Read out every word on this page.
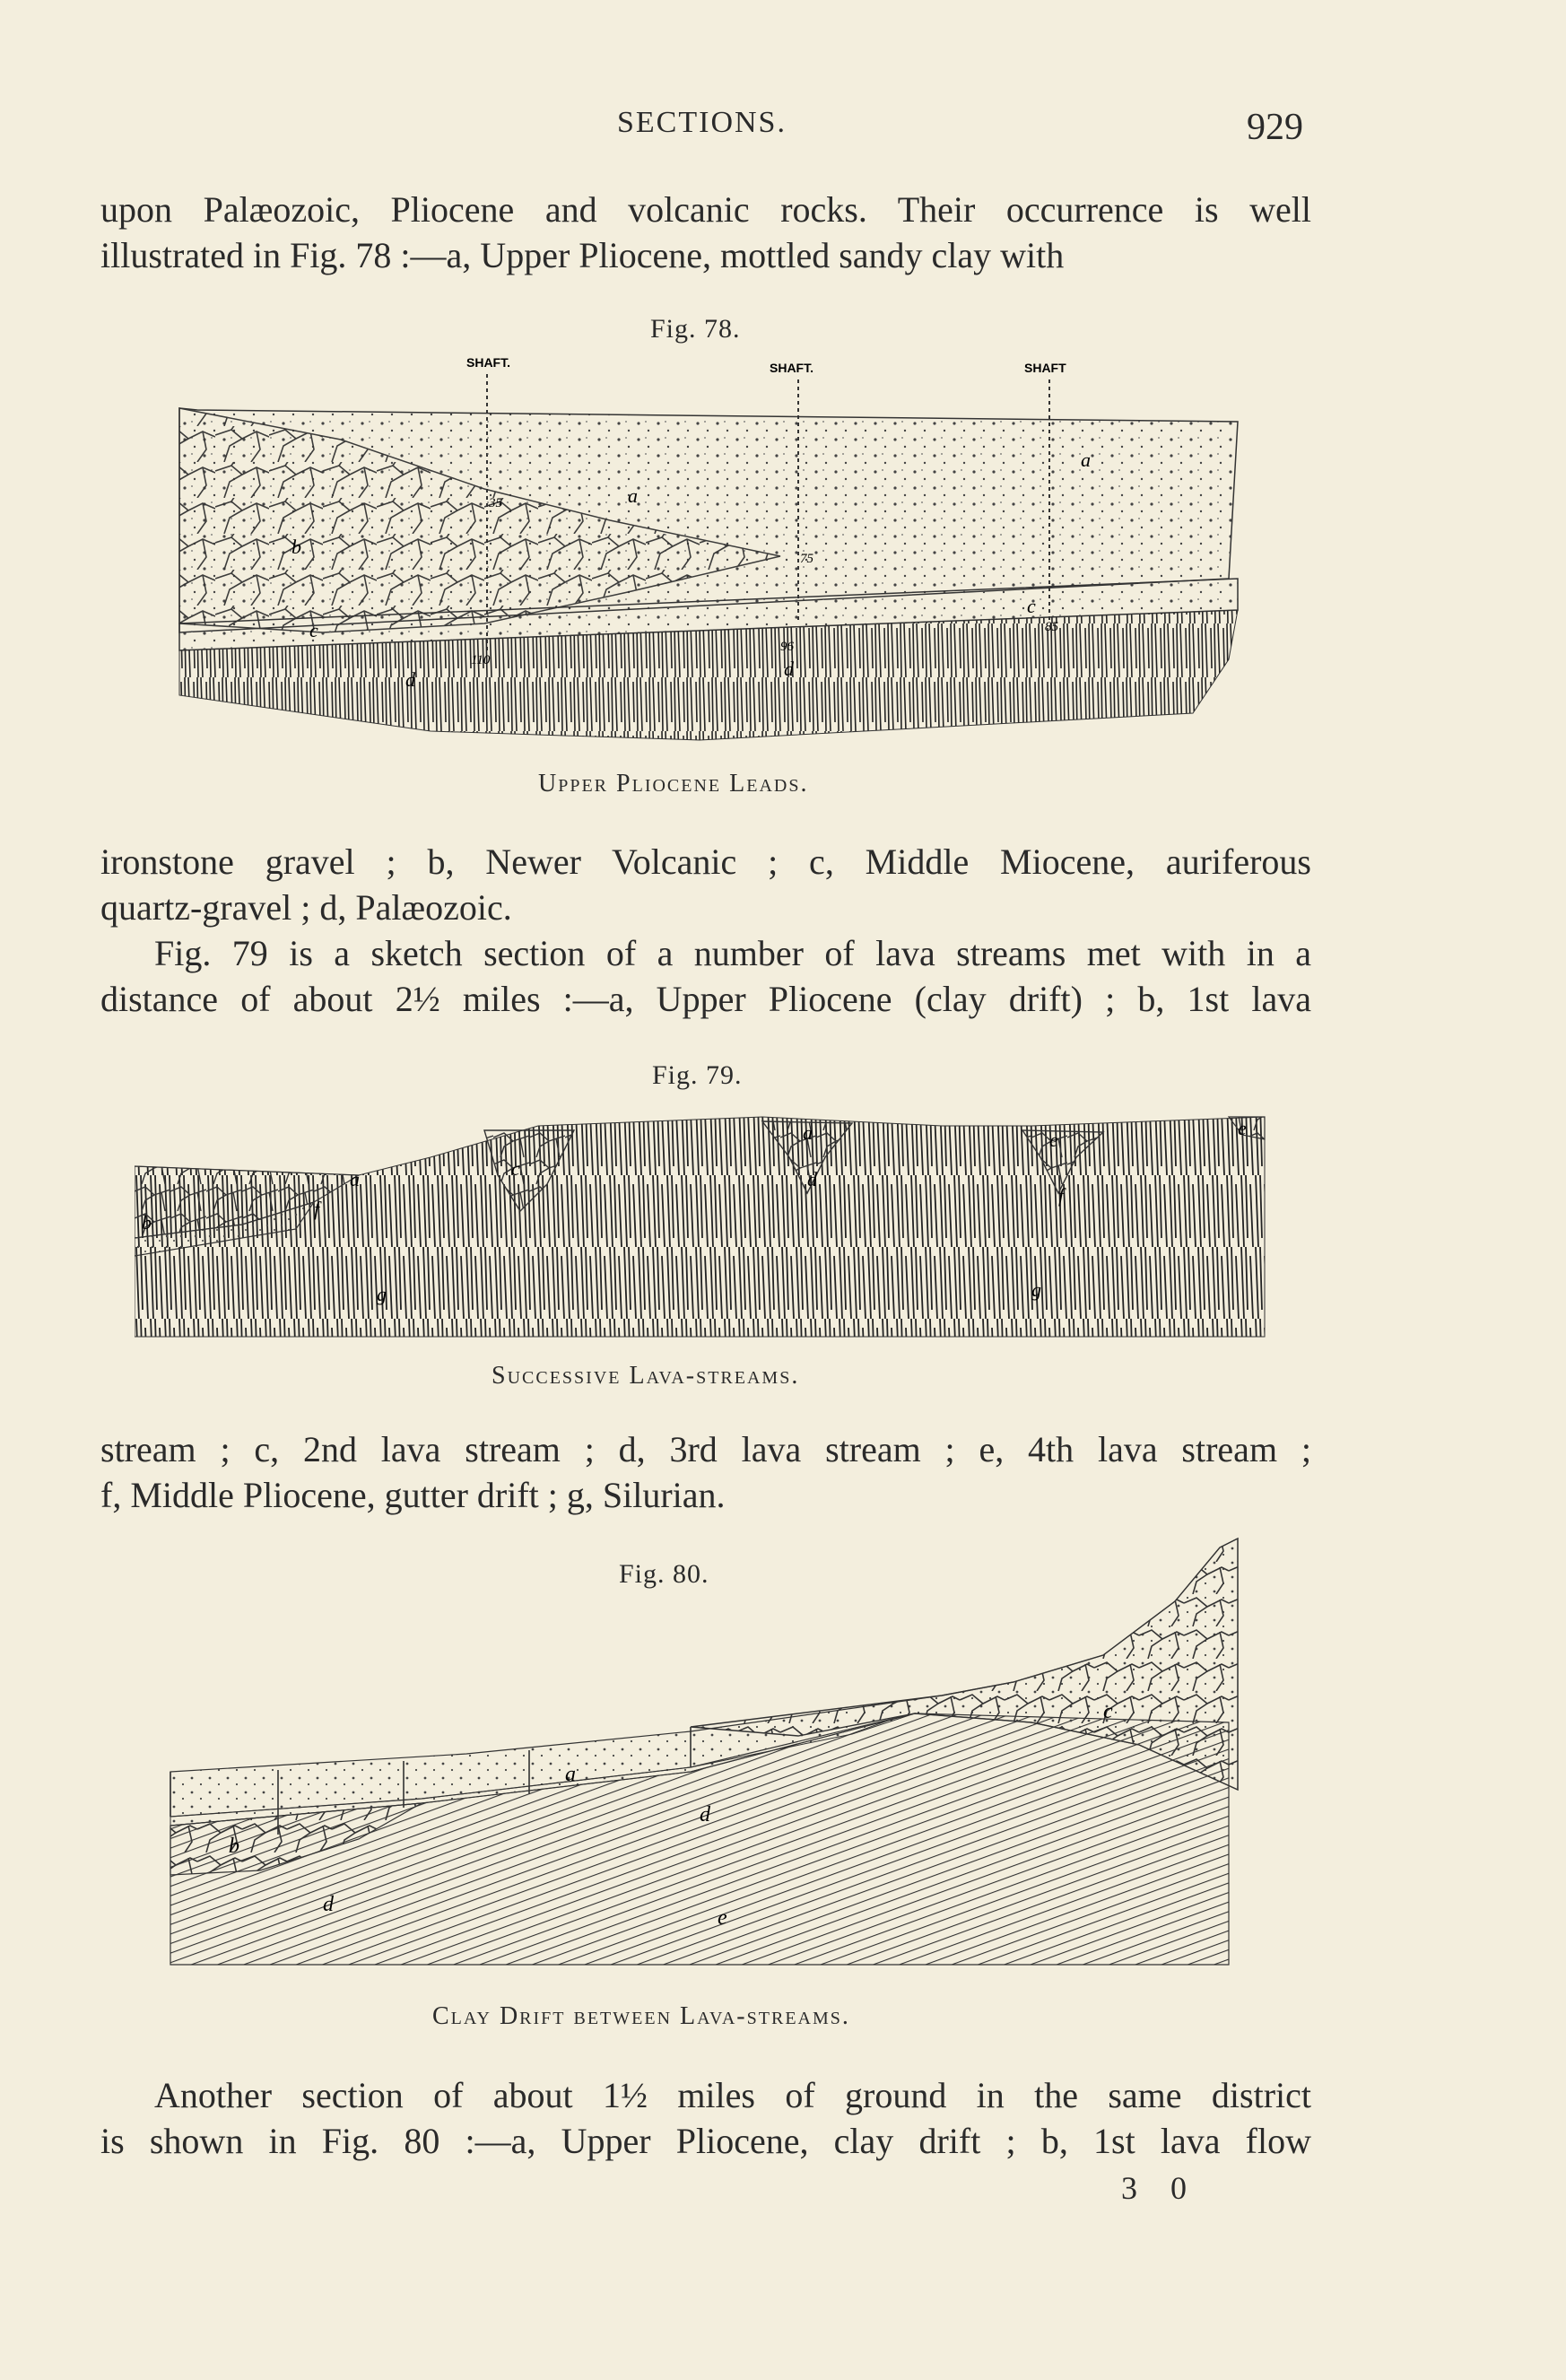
SECTIONS.	929

upon Palæozoic, Pliocene and volcanic rocks. Their occurrence is well

illustrated in Fig. 78 :—a, Upper Pliocene, mottled sandy clay with

Fig. 78.
SHAFT.	SHAFT.	SHAFT
a
a
b
c
c
d	d
35
75
110
96
85
Upper Pliocene Leads.

ironstone gravel ; b, Newer Volcanic ; c, Middle Miocene, auriferous

quartz-gravel ; d, Palæozoic.

Fig. 79 is a sketch section of a number of lava streams met with in a

distance of about 2½ miles :—a, Upper Pliocene (clay drift) ; b, 1st lava

Fig. 79.
a
a
b
c	d
e
e
f
f
g	g
Successive Lava-streams.

stream ; c, 2nd lava stream ; d, 3rd lava stream ; e, 4th lava stream ;

f, Middle Pliocene, gutter drift ; g, Silurian.

Fig. 80.
a
b
c
d
d
e
Clay Drift between Lava-streams.

Another section of about 1½ miles of ground in the same district

is shown in Fig. 80 :—a, Upper Pliocene, clay drift ; b, 1st lava flow

3 0
